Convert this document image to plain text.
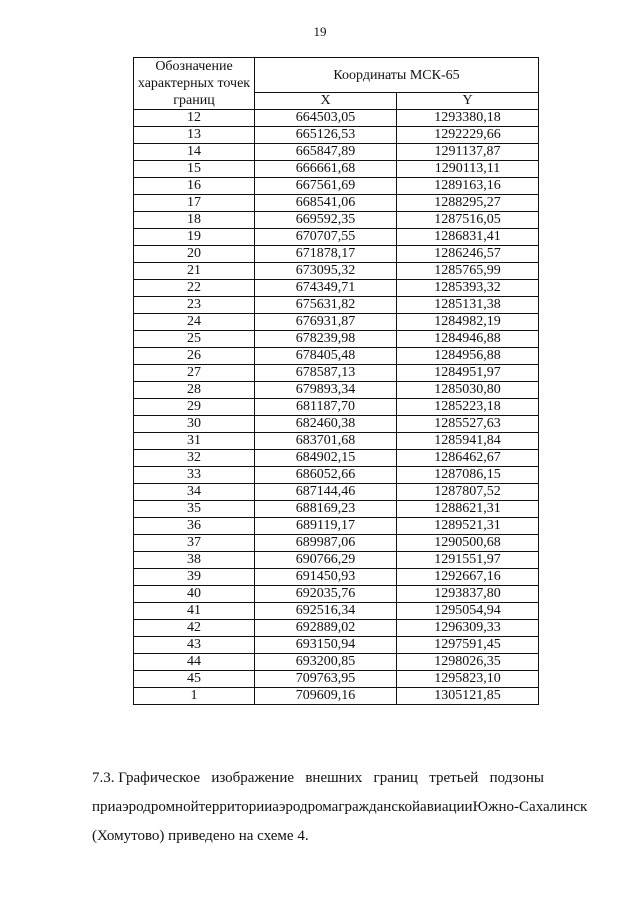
19
Обозначение характерных точек границ	Координаты МСК-65	
	X	Y
12	664503,05	1293380,18
13	665126,53	1292229,66
14	665847,89	1291137,87
15	666661,68	1290113,11
16	667561,69	1289163,16
17	668541,06	1288295,27
18	669592,35	1287516,05
19	670707,55	1286831,41
20	671878,17	1286246,57
21	673095,32	1285765,99
22	674349,71	1285393,32
23	675631,82	1285131,38
24	676931,87	1284982,19
25	678239,98	1284946,88
26	678405,48	1284956,88
27	678587,13	1284951,97
28	679893,34	1285030,80
29	681187,70	1285223,18
30	682460,38	1285527,63
31	683701,68	1285941,84
32	684902,15	1286462,67
33	686052,66	1287086,15
34	687144,46	1287807,52
35	688169,23	1288621,31
36	689119,17	1289521,31
37	689987,06	1290500,68
38	690766,29	1291551,97
39	691450,93	1292667,16
40	692035,76	1293837,80
41	692516,34	1295054,94
42	692889,02	1296309,33
43	693150,94	1297591,45
44	693200,85	1298026,35
45	709763,95	1295823,10
1	709609,16	1305121,85
7.3. Графическое изображение внешних границ третьей подзоны
приаэродромной территории аэродрома гражданской авиации Южно-Сахалинск
(Хомутово) приведено на схеме 4.
